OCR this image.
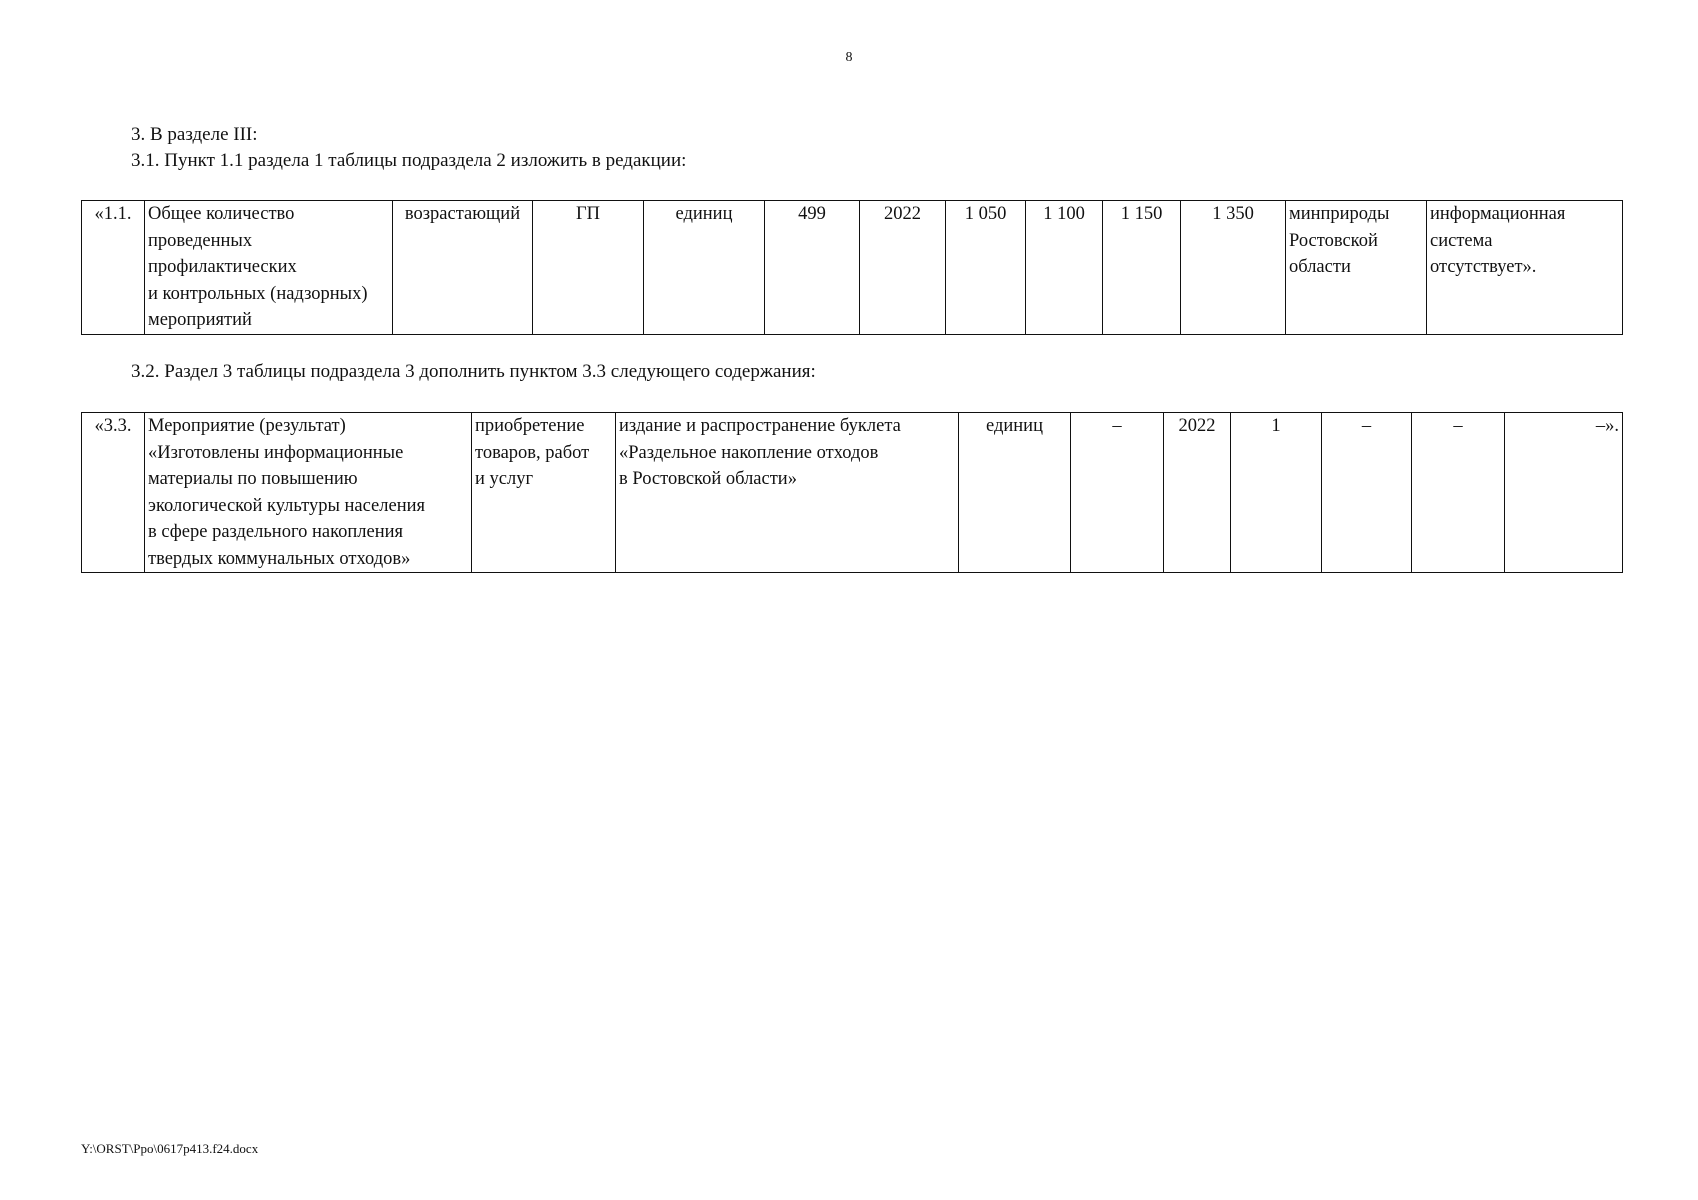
8
3. В разделе III:
3.1. Пункт 1.1 раздела 1 таблицы подраздела 2 изложить в редакции:
«1.1.	Общее количество
проведенных
профилактических
и контрольных (надзорных)
мероприятий	возрастающий	ГП	единиц	499	2022	1 050	1 100	1 150	1 350	минприроды
Ростовской
области	информационная
система
отсутствует».
3.2. Раздел 3 таблицы подраздела 3 дополнить пунктом 3.3 следующего содержания:
«3.3.	Мероприятие (результат)
«Изготовлены информационные
материалы по повышению
экологической культуры населения
в сфере раздельного накопления
твердых коммунальных отходов»	приобретение
товаров, работ
и услуг	издание и распространение буклета
«Раздельное накопление отходов
в Ростовской области»	единиц	–	2022	1	–	–	–».
Y:\ORST\Ppo\0617p413.f24.docx
